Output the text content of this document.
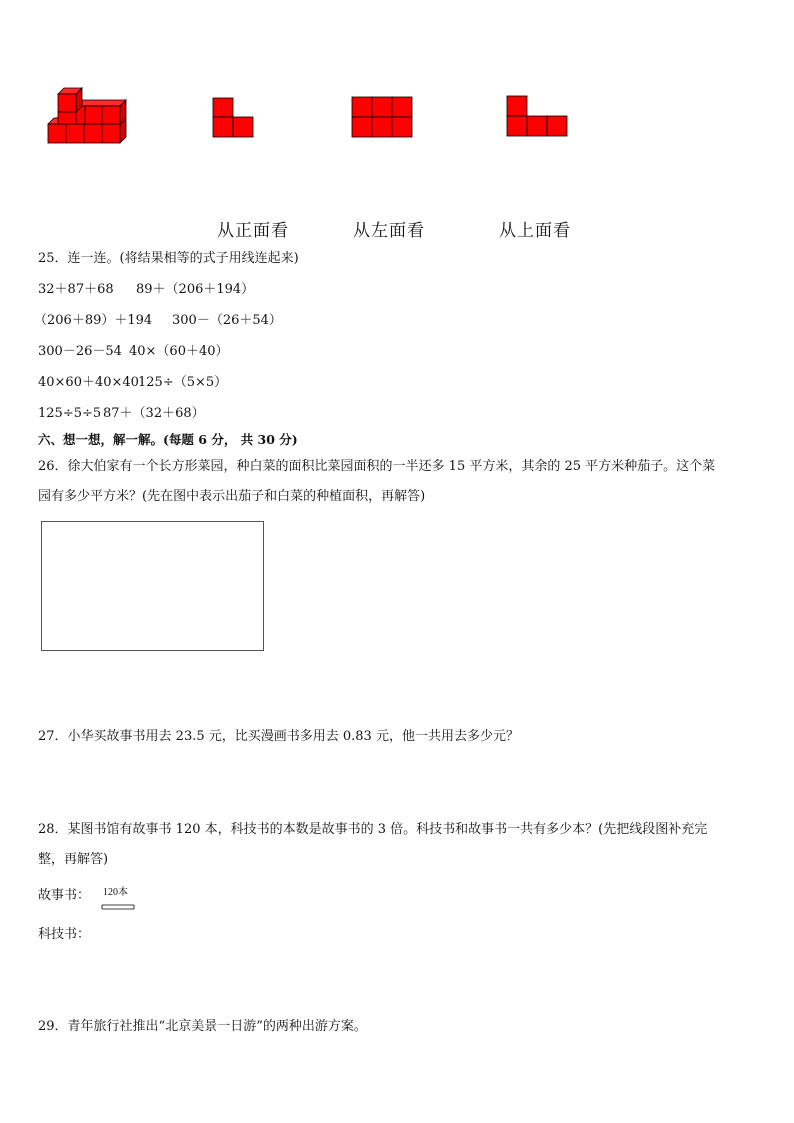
从正面看	从左面看	从上面看
25．连一连。(将结果相等的式子用线连起来)
32＋87＋68 89＋（206＋194）
（206＋89）＋194 300－（26＋54）
300－26－54 40×（60＋40）
40×60＋40×40 125÷（5×5）
125÷5÷5 87＋（32＋68）
六、想一想，解一解。(每题 6 分， 共 30 分)
26．徐大伯家有一个长方形菜园，种白菜的面积比菜园面积的一半还多 15 平方米，其余的 25 平方米种茄子。这个菜
园有多少平方米？(先在图中表示出茄子和白菜的种植面积，再解答)
27．小华买故事书用去 23.5 元，比买漫画书多用去 0.83 元，他一共用去多少元？
28．某图书馆有故事书 120 本，科技书的本数是故事书的 3 倍。科技书和故事书一共有多少本？(先把线段图补充完
整，再解答)
故事书： 120本
科技书：
29．青年旅行社推出“北京美景一日游”的两种出游方案。
